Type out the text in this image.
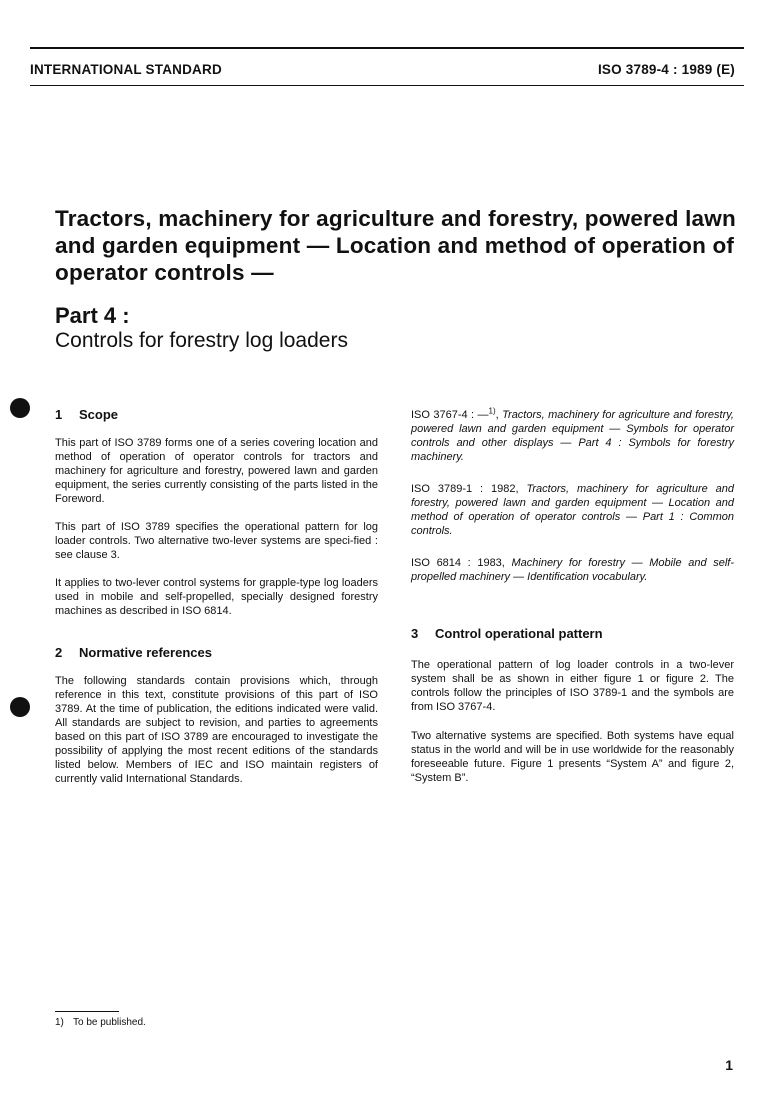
INTERNATIONAL STANDARD	ISO 3789-4 : 1989 (E)
Tractors, machinery for agriculture and forestry, powered lawn and garden equipment — Location and method of operation of operator controls —
Part 4 :
Controls for forestry log loaders
1 Scope

This part of ISO 3789 forms one of a series covering location and method of operation of operator controls for tractors and machinery for agriculture and forestry, powered lawn and garden equipment, the series currently consisting of the parts listed in the Foreword.

This part of ISO 3789 specifies the operational pattern for log loader controls. Two alternative two-lever systems are speci-fied : see clause 3.

It applies to two-lever control systems for grapple-type log loaders used in mobile and self-propelled, specially designed forestry machines as described in ISO 6814.

2 Normative references

The following standards contain provisions which, through reference in this text, constitute provisions of this part of ISO 3789. At the time of publication, the editions indicated were valid. All standards are subject to revision, and parties to agreements based on this part of ISO 3789 are encouraged to investigate the possibility of applying the most recent editions of the standards listed below. Members of IEC and ISO maintain registers of currently valid International Standards.

ISO 3767-4 : —$^{1)}$, Tractors, machinery for agriculture and forestry, powered lawn and garden equipment — Symbols for operator controls and other displays — Part 4 : Symbols for forestry machinery.

ISO 3789-1 : 1982, Tractors, machinery for agriculture and forestry, powered lawn and garden equipment — Location and method of operation of operator controls — Part 1 : Common controls.

ISO 6814 : 1983, Machinery for forestry — Mobile and self-propelled machinery — Identification vocabulary.

3 Control operational pattern

The operational pattern of log loader controls in a two-lever system shall be as shown in either figure 1 or figure 2. The controls follow the principles of ISO 3789-1 and the symbols are from ISO 3767-4.

Two alternative systems are specified. Both systems have equal status in the world and will be in use worldwide for the reasonably foreseeable future. Figure 1 presents “System A” and figure 2, “System B”.

1) To be published.
1
